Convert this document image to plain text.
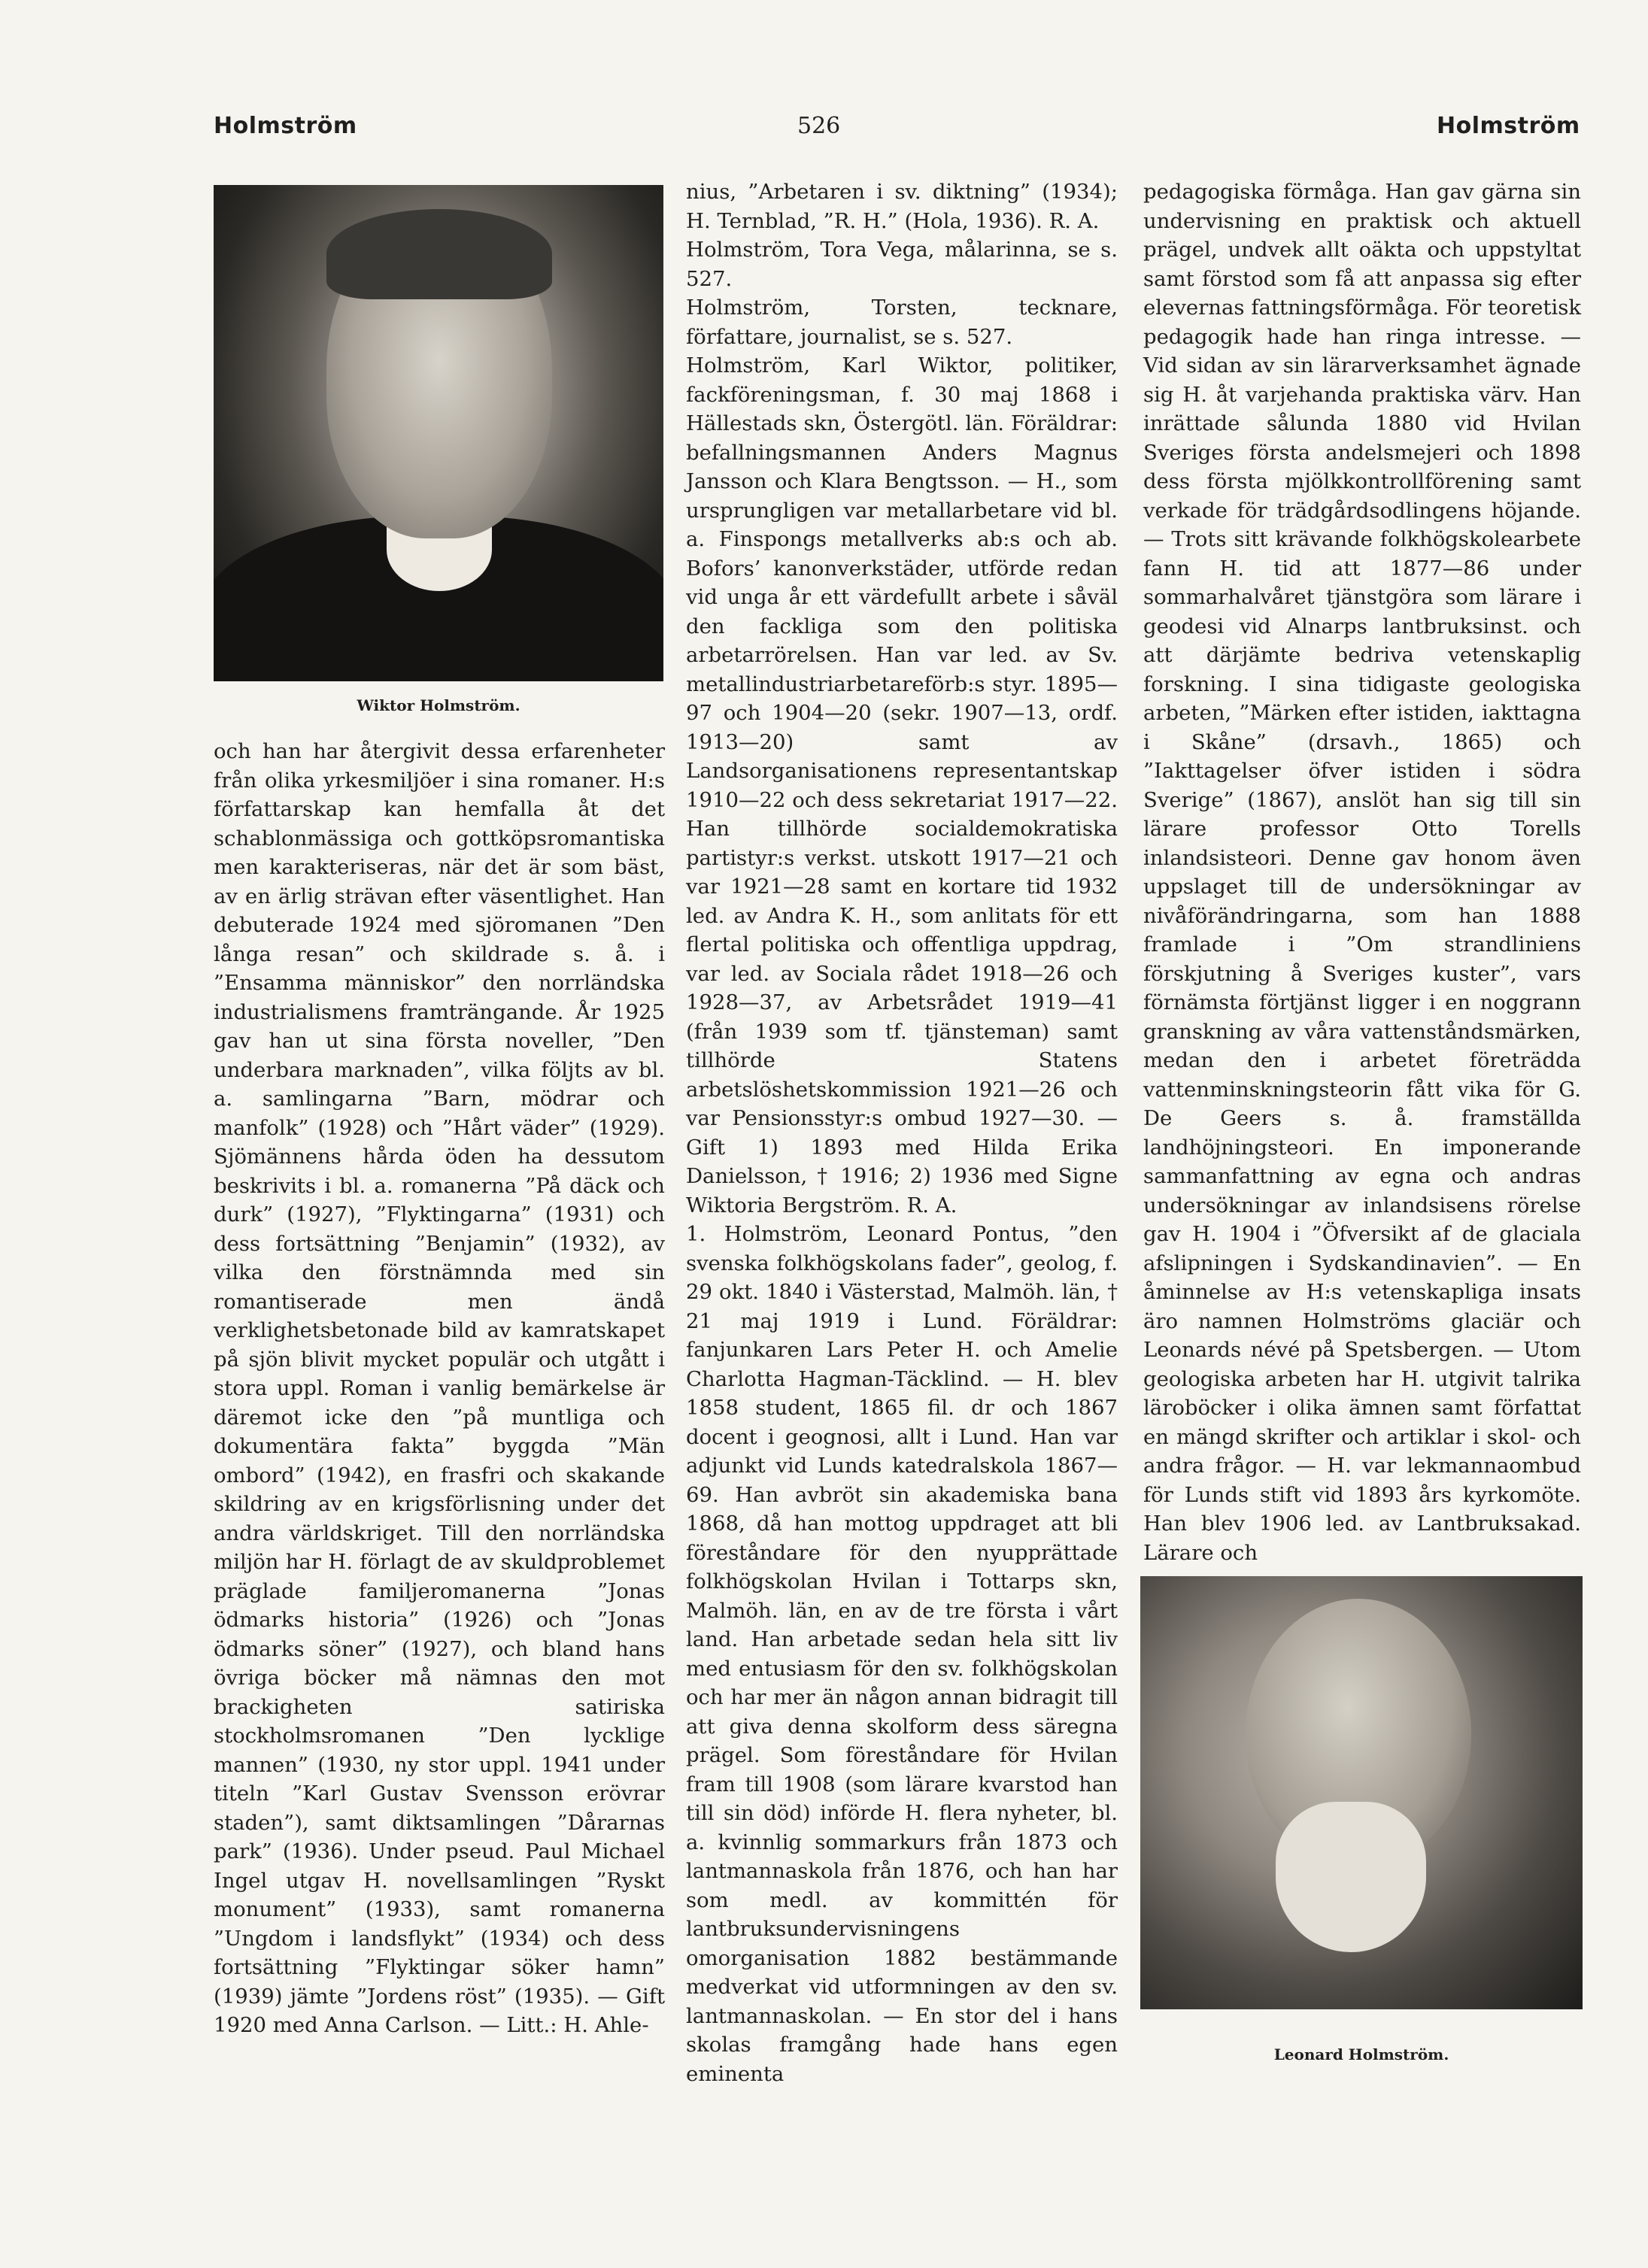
Holmström	526	Holmström
Wiktor Holmström.

och han har återgivit dessa erfarenheter från olika yrkesmiljöer i sina romaner. H:s författarskap kan hemfalla åt det schablonmässiga och gottköpsromantiska men karakteriseras, när det är som bäst, av en ärlig strävan efter väsentlighet. Han debuterade 1924 med sjöromanen ”Den långa resan” och skildrade s. å. i ”Ensamma människor” den norrländska industrialismens framträngande. År 1925 gav han ut sina första noveller, ”Den underbara marknaden”, vilka följts av bl. a. samlingarna ”Barn, mödrar och manfolk” (1928) och ”Hårt väder” (1929). Sjömännens hårda öden ha dessutom beskrivits i bl. a. romanerna ”På däck och durk” (1927), ”Flyktingarna” (1931) och dess fortsättning ”Benjamin” (1932), av vilka den förstnämnda med sin romantiserade men ändå verklighetsbetonade bild av kamratskapet på sjön blivit mycket populär och utgått i stora uppl. Roman i vanlig bemärkelse är däremot icke den ”på muntliga och dokumentära fakta” byggda ”Män ombord” (1942), en frasfri och skakande skildring av en krigsförlisning under det andra världskriget. Till den norrländska miljön har H. förlagt de av skuldproblemet präglade familjeromanerna ”Jonas ödmarks historia” (1926) och ”Jonas ödmarks söner” (1927), och bland hans övriga böcker må nämnas den mot brackigheten satiriska stockholmsromanen ”Den lycklige mannen” (1930, ny stor uppl. 1941 under titeln ”Karl Gustav Svensson erövrar staden”), samt diktsamlingen ”Dårarnas park” (1936). Under pseud. Paul Michael Ingel utgav H. novellsamlingen ”Ryskt monument” (1933), samt romanerna ”Ungdom i landsflykt” (1934) och dess fortsättning ”Flyktingar söker hamn” (1939) jämte ”Jordens röst” (1935). — Gift 1920 med Anna Carlson. — Litt.: H. Ahle-

nius, ”Arbetaren i sv. diktning” (1934); H. Ternblad, ”R. H.” (Hola, 1936). R. A.

Holmström, Tora Vega, målarinna, se s. 527.

Holmström, Torsten, tecknare, författare, journalist, se s. 527.

Holmström, Karl Wiktor, politiker, fackföreningsman, f. 30 maj 1868 i Hällestads skn, Östergötl. län. Föräldrar: befallningsmannen Anders Magnus Jansson och Klara Bengtsson. — H., som ursprungligen var metallarbetare vid bl. a. Finspongs metallverks ab:s och ab. Bofors’ kanonverkstäder, utförde redan vid unga år ett värdefullt arbete i såväl den fackliga som den politiska arbetarrörelsen. Han var led. av Sv. metallindustriarbetareförb:s styr. 1895—97 och 1904—20 (sekr. 1907—13, ordf. 1913—20) samt av Landsorganisationens representantskap 1910—22 och dess sekretariat 1917—22. Han tillhörde socialdemokratiska partistyr:s verkst. utskott 1917—21 och var 1921—28 samt en kortare tid 1932 led. av Andra K. H., som anlitats för ett flertal politiska och offentliga uppdrag, var led. av Sociala rådet 1918—26 och 1928—37, av Arbetsrådet 1919—41 (från 1939 som tf. tjänsteman) samt tillhörde Statens arbetslöshetskommission 1921—26 och var Pensionsstyr:s ombud 1927—30. — Gift 1) 1893 med Hilda Erika Danielsson, † 1916; 2) 1936 med Signe Wiktoria Bergström. R. A.

1. Holmström, Leonard Pontus, ”den svenska folkhögskolans fader”, geolog, f. 29 okt. 1840 i Västerstad, Malmöh. län, † 21 maj 1919 i Lund. Föräldrar: fanjunkaren Lars Peter H. och Amelie Charlotta Hagman-Täcklind. — H. blev 1858 student, 1865 fil. dr och 1867 docent i geognosi, allt i Lund. Han var adjunkt vid Lunds katedralskola 1867—69. Han avbröt sin akademiska bana 1868, då han mottog uppdraget att bli föreståndare för den nyupprättade folkhögskolan Hvilan i Tottarps skn, Malmöh. län, en av de tre första i vårt land. Han arbetade sedan hela sitt liv med entusiasm för den sv. folkhögskolan och har mer än någon annan bidragit till att giva denna skolform dess säregna prägel. Som föreståndare för Hvilan fram till 1908 (som lärare kvarstod han till sin död) införde H. flera nyheter, bl. a. kvinnlig sommarkurs från 1873 och lantmannaskola från 1876, och han har som medl. av kommittén för lantbruksundervisningens omorganisation 1882 bestämmande medverkat vid utformningen av den sv. lantmannaskolan. — En stor del i hans skolas framgång hade hans egen eminenta

pedagogiska förmåga. Han gav gärna sin undervisning en praktisk och aktuell prägel, undvek allt oäkta och uppstyltat samt förstod som få att anpassa sig efter elevernas fattningsförmåga. För teoretisk pedagogik hade han ringa intresse. — Vid sidan av sin lärarverksamhet ägnade sig H. åt varjehanda praktiska värv. Han inrättade sålunda 1880 vid Hvilan Sveriges första andelsmejeri och 1898 dess första mjölkkontrollförening samt verkade för trädgårdsodlingens höjande. — Trots sitt krävande folkhögskolearbete fann H. tid att 1877—86 under sommarhalvåret tjänstgöra som lärare i geodesi vid Alnarps lantbruksinst. och att därjämte bedriva vetenskaplig forskning. I sina tidigaste geologiska arbeten, ”Märken efter istiden, iakttagna i Skåne” (drsavh., 1865) och ”Iakttagelser öfver istiden i södra Sverige” (1867), anslöt han sig till sin lärare professor Otto Torells inlandsisteori. Denne gav honom även uppslaget till de undersökningar av nivåförändringarna, som han 1888 framlade i ”Om strandliniens förskjutning å Sveriges kuster”, vars förnämsta förtjänst ligger i en noggrann granskning av våra vattenståndsmärken, medan den i arbetet företrädda vattenminskningsteorin fått vika för G. De Geers s. å. framställda landhöjningsteori. En imponerande sammanfattning av egna och andras undersökningar av inlandsisens rörelse gav H. 1904 i ”Öfversikt af de glaciala afslipningen i Sydskandinavien”. — En åminnelse av H:s vetenskapliga insats äro namnen Holmströms glaciär och Leonards névé på Spetsbergen. — Utom geologiska arbeten har H. utgivit talrika läroböcker i olika ämnen samt författat en mängd skrifter och artiklar i skol- och andra frågor. — H. var lekmannaombud för Lunds stift vid 1893 års kyrkomöte. Han blev 1906 led. av Lantbruksakad. Lärare och

Leonard Holmström.
